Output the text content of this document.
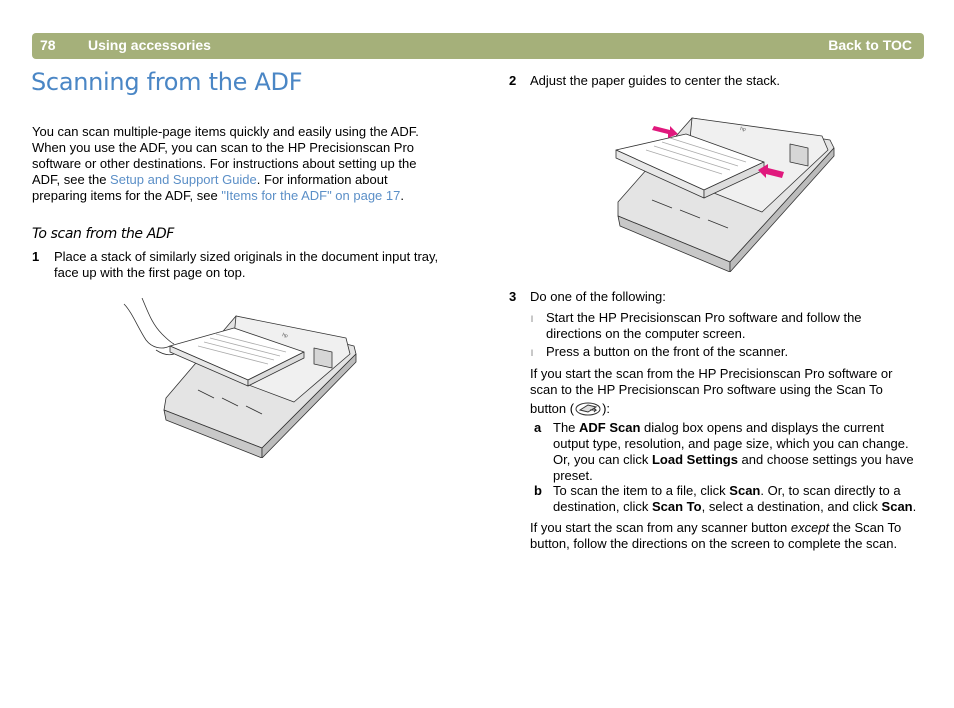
78 Using accessories	Back to TOC
Scanning from the ADF
You can scan multiple-page items quickly and easily using the ADF.
When you use the ADF, you can scan to the HP Precisionscan Pro
software or other destinations. For instructions about setting up the
ADF, see the Setup and Support Guide. For information about
preparing items for the ADF, see "Items for the ADF" on page 17.
To scan from the ADF
1 Place a stack of similarly sized originals in the document input tray,
face up with the first page on top.
hp
2 Adjust the paper guides to center the stack.
hp
3 Do one of the following:
l Start the HP Precisionscan Pro software and follow the
directions on the computer screen.
l Press a button on the front of the scanner.
If you start the scan from the HP Precisionscan Pro software or
scan to the HP Precisionscan Pro software using the Scan To
button ( ):
a The ADF Scan dialog box opens and displays the current
output type, resolution, and page size, which you can change.
Or, you can click Load Settings and choose settings you have
preset.
b To scan the item to a file, click Scan. Or, to scan directly to a
destination, click Scan To, select a destination, and click Scan.
If you start the scan from any scanner button except the Scan To
button, follow the directions on the screen to complete the scan.
